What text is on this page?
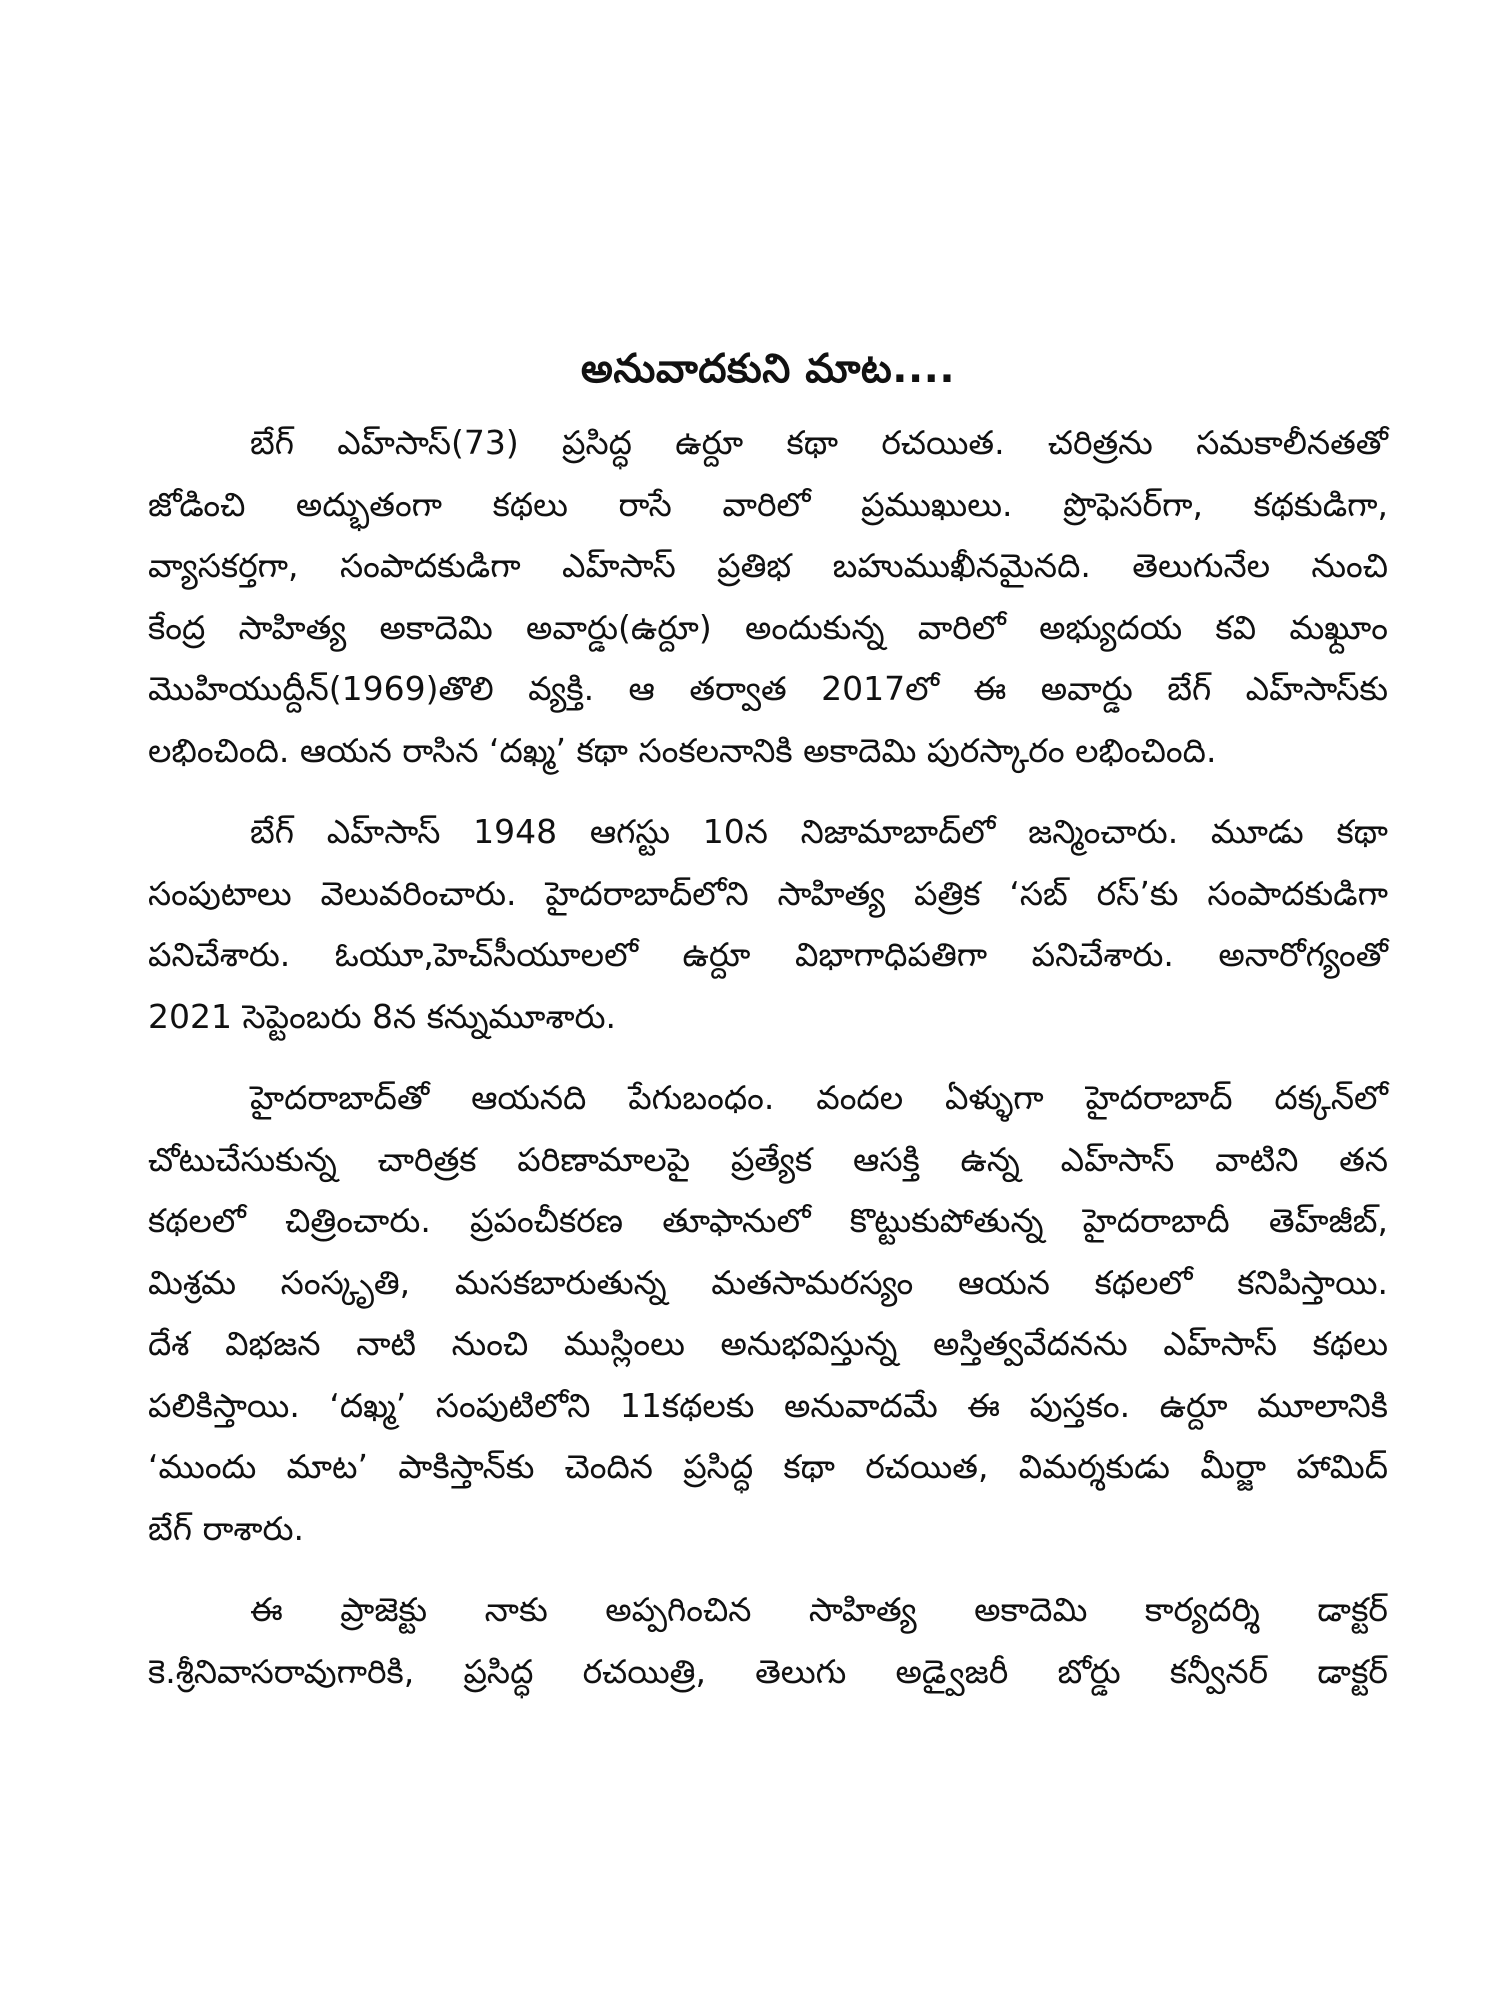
అనువాదకుని మాట....
బేగ్ ఎహ్‌సాస్(73) ప్రసిద్ధ ఉర్దూ కథా రచయిత. చరిత్రను సమకాలీనతతో
జోడించి అద్భుతంగా కథలు రాసే వారిలో ప్రముఖులు. ప్రొఫెసర్‌గా, కథకుడిగా,
వ్యాసకర్తగా, సంపాదకుడిగా ఎహ్‌సాస్ ప్రతిభ బహుముఖీనమైనది. తెలుగునేల నుంచి
కేంద్ర సాహిత్య అకాదెమి అవార్డు(ఉర్దూ) అందుకున్న వారిలో అభ్యుదయ కవి మఖ్దూం
మొహియుద్దీన్(1969)తొలి వ్యక్తి. ఆ తర్వాత 2017లో ఈ అవార్డు బేగ్ ఎహ్‌సాస్‌కు
లభించింది. ఆయన రాసిన ‘దఖ్మ’ కథా సంకలనానికి అకాదెమి పురస్కారం లభించింది.
బేగ్ ఎహ్‌సాస్ 1948 ఆగస్టు 10న నిజామాబాద్‌లో జన్మించారు. మూడు కథా
సంపుటాలు వెలువరించారు. హైదరాబాద్‌లోని సాహిత్య పత్రిక ‘సబ్ రస్’కు సంపాదకుడిగా
పనిచేశారు. ఓయూ,హెచ్‌సీయూలలో ఉర్దూ విభాగాధిపతిగా పనిచేశారు. అనారోగ్యంతో
2021 సెప్టెంబరు 8న కన్నుమూశారు.
హైదరాబాద్‌తో ఆయనది పేగుబంధం. వందల ఏళ్ళుగా హైదరాబాద్ దక్కన్‌లో
చోటుచేసుకున్న చారిత్రక పరిణామాలపై ప్రత్యేక ఆసక్తి ఉన్న ఎహ్‌సాస్ వాటిని తన
కథలలో చిత్రించారు. ప్రపంచీకరణ తూఫానులో కొట్టుకుపోతున్న హైదరాబాదీ తెహ్‌జీబ్,
మిశ్రమ సంస్కృతి, మసకబారుతున్న మతసామరస్యం ఆయన కథలలో కనిపిస్తాయి.
దేశ విభజన నాటి నుంచి ముస్లింలు అనుభవిస్తున్న అస్తిత్వవేదనను ఎహ్‌సాస్ కథలు
పలికిస్తాయి. ‘దఖ్మ’ సంపుటిలోని 11కథలకు అనువాదమే ఈ పుస్తకం. ఉర్దూ మూలానికి
‘ముందు మాట’ పాకిస్తాన్‌కు చెందిన ప్రసిద్ధ కథా రచయిత, విమర్శకుడు మీర్జా హామిద్
బేగ్ రాశారు.
ఈ ప్రాజెక్టు నాకు అప్పగించిన సాహిత్య అకాదెమి కార్యదర్శి డాక్టర్
కె.శ్రీనివాసరావుగారికి, ప్రసిద్ధ రచయిత్రి, తెలుగు అడ్వైజరీ బోర్డు కన్వీనర్ డాక్టర్
